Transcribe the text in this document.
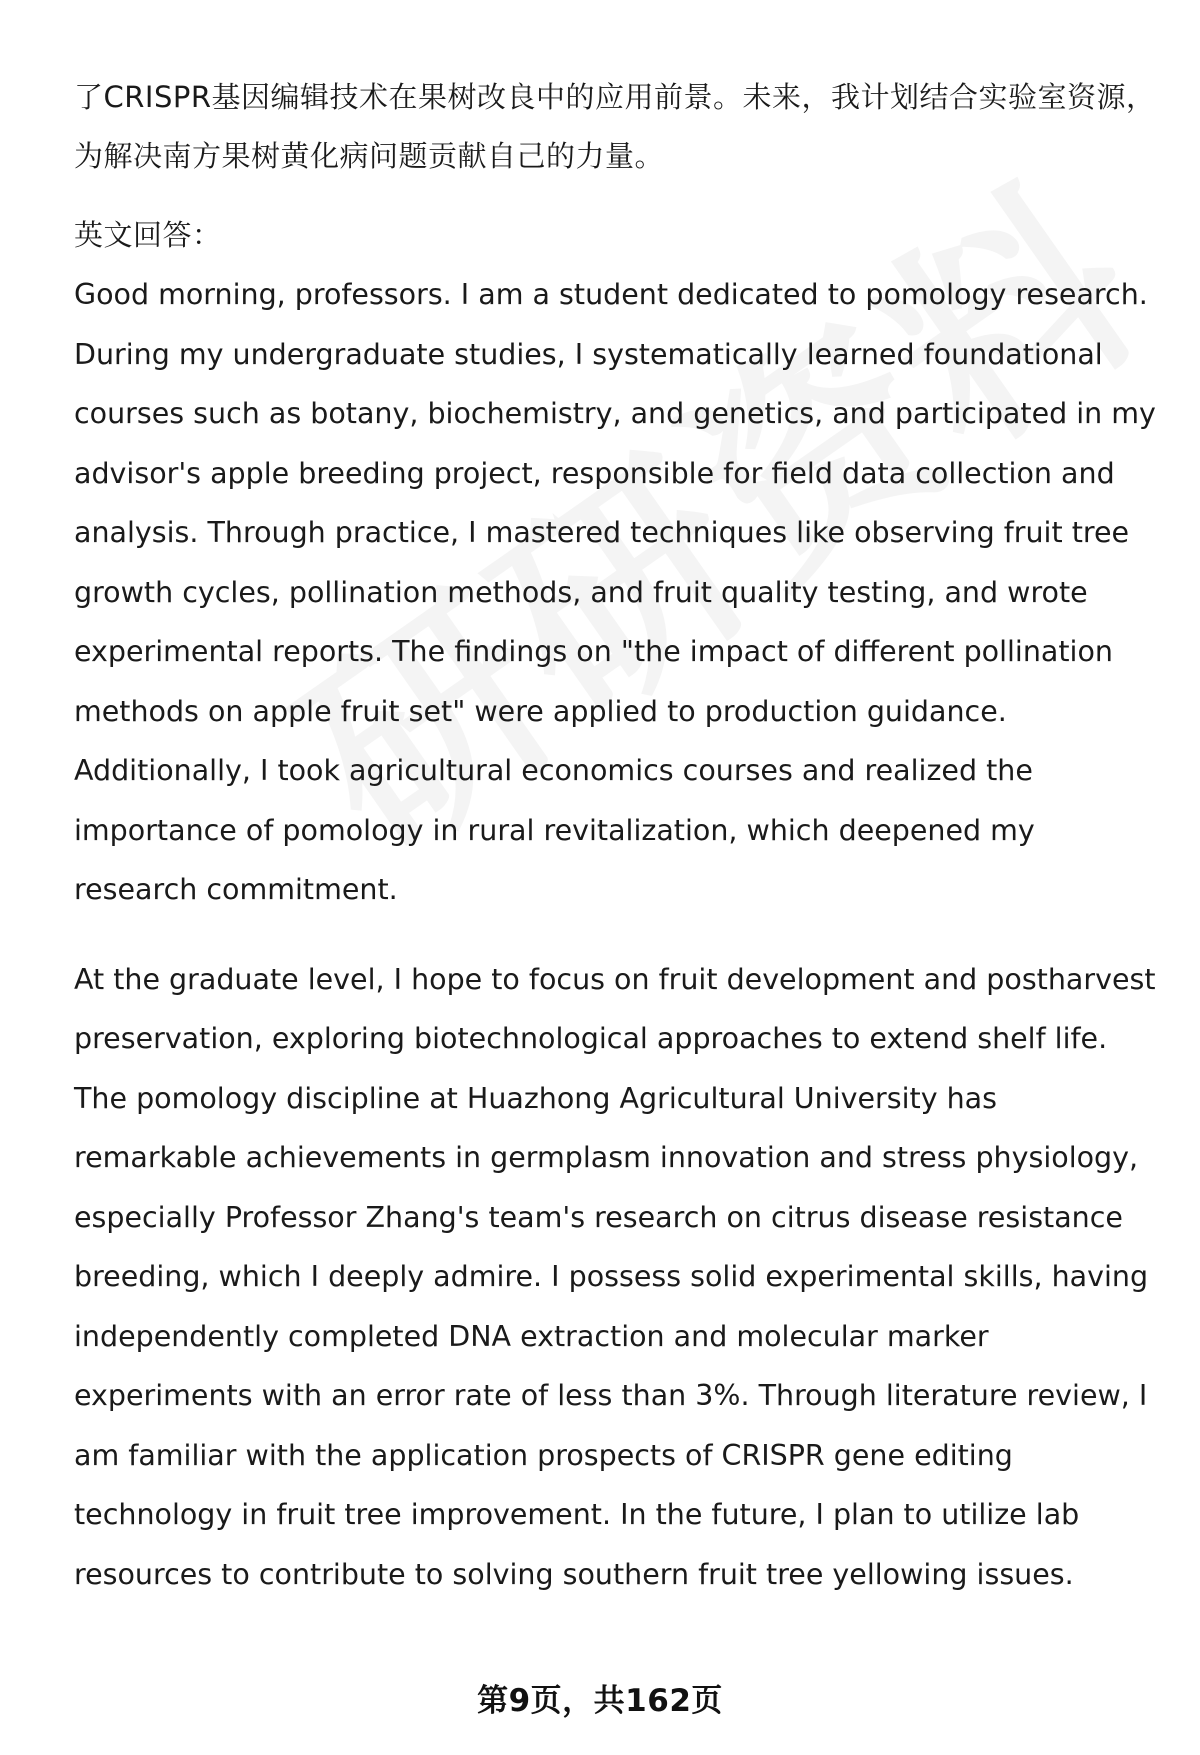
了CRISPR基因编辑技术在果树改良中的应用前景。未来，我计划结合实验室资源，为解决南方果树黄化病问题贡献自己的力量。

英文回答：

Good morning, professors. I am a student dedicated to pomology research. During my undergraduate studies, I systematically learned foundational courses such as botany, biochemistry, and genetics, and participated in my advisor's apple breeding project, responsible for field data collection and analysis. Through practice, I mastered techniques like observing fruit tree growth cycles, pollination methods, and fruit quality testing, and wrote experimental reports. The findings on "the impact of different pollination methods on apple fruit set" were applied to production guidance. Additionally, I took agricultural economics courses and realized the importance of pomology in rural revitalization, which deepened my research commitment.

At the graduate level, I hope to focus on fruit development and postharvest preservation, exploring biotechnological approaches to extend shelf life. The pomology discipline at Huazhong Agricultural University has remarkable achievements in germplasm innovation and stress physiology, especially Professor Zhang's team's research on citrus disease resistance breeding, which I deeply admire. I possess solid experimental skills, having independently completed DNA extraction and molecular marker experiments with an error rate of less than 3%. Through literature review, I am familiar with the application prospects of CRISPR gene editing technology in fruit tree improvement. In the future, I plan to utilize lab resources to contribute to solving southern fruit tree yellowing issues.

第9页，共162页
